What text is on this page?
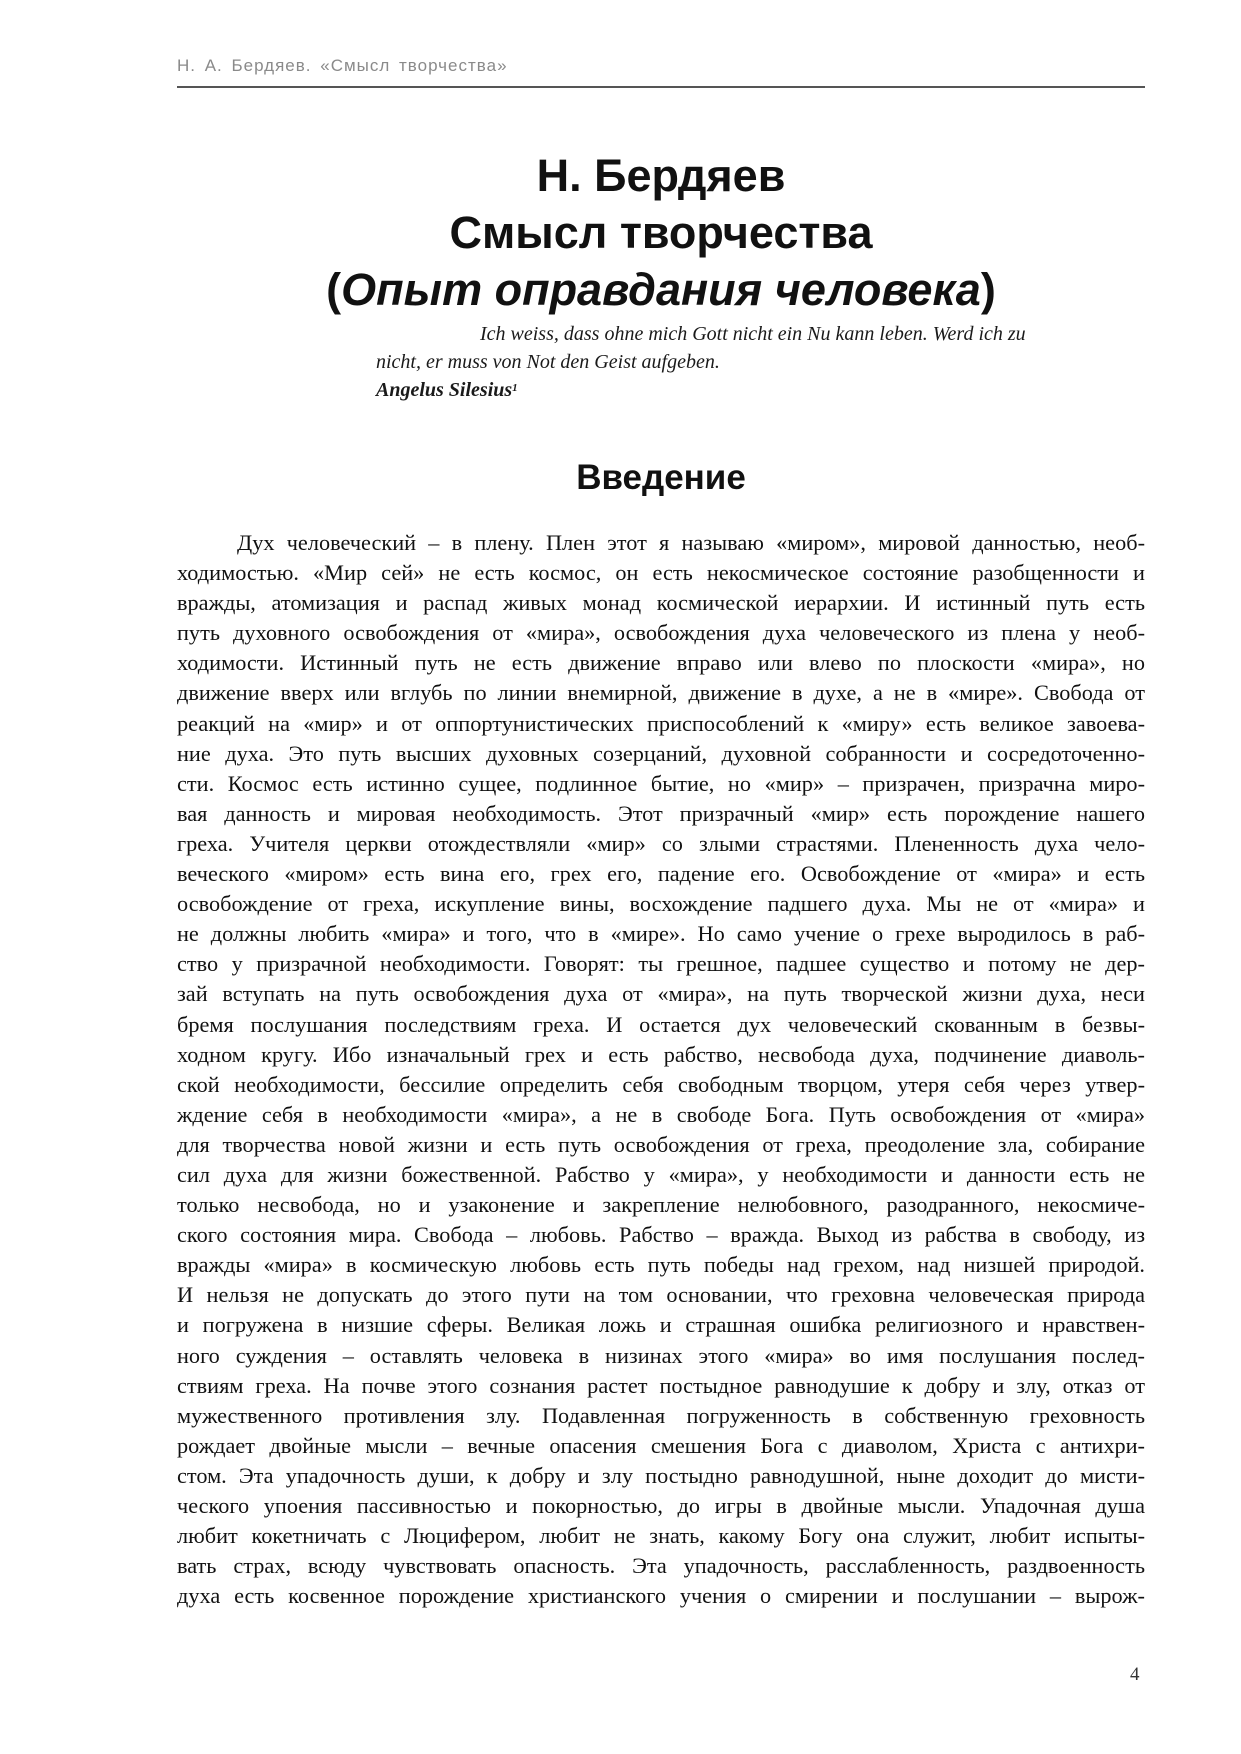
Н. А. Бердяев. «Смысл творчества»
Н. Бердяев
Смысл творчества
(Опыт оправдания человека)
Ich weiss, dass ohne mich Gott nicht ein Nu kann leben. Werd ich zu
nicht, er muss von Not den Geist aufgeben.
Angelus Silesius$^1$
Введение
Дух человеческий – в плену. Плен этот я называю «миром», мировой данностью, необ-
ходимостью. «Мир сей» не есть космос, он есть некосмическое состояние разобщенности и
вражды, атомизация и распад живых монад космической иерархии. И истинный путь есть
путь духовного освобождения от «мира», освобождения духа человеческого из плена у необ-
ходимости. Истинный путь не есть движение вправо или влево по плоскости «мира», но
движение вверх или вглубь по линии внемирной, движение в духе, а не в «мире». Свобода от
реакций на «мир» и от оппортунистических приспособлений к «миру» есть великое завоева-
ние духа. Это путь высших духовных созерцаний, духовной собранности и сосредоточенно-
сти. Космос есть истинно сущее, подлинное бытие, но «мир» – призрачен, призрачна миро-
вая данность и мировая необходимость. Этот призрачный «мир» есть порождение нашего
греха. Учителя церкви отождествляли «мир» со злыми страстями. Плененность духа чело-
веческого «миром» есть вина его, грех его, падение его. Освобождение от «мира» и есть
освобождение от греха, искупление вины, восхождение падшего духа. Мы не от «мира» и
не должны любить «мира» и того, что в «мире». Но само учение о грехе выродилось в раб-
ство у призрачной необходимости. Говорят: ты грешное, падшее существо и потому не дер-
зай вступать на путь освобождения духа от «мира», на путь творческой жизни духа, неси
бремя послушания последствиям греха. И остается дух человеческий скованным в безвы-
ходном кругу. Ибо изначальный грех и есть рабство, несвобода духа, подчинение диаволь-
ской необходимости, бессилие определить себя свободным творцом, утеря себя через утвер-
ждение себя в необходимости «мира», а не в свободе Бога. Путь освобождения от «мира»
для творчества новой жизни и есть путь освобождения от греха, преодоление зла, собирание
сил духа для жизни божественной. Рабство у «мира», у необходимости и данности есть не
только несвобода, но и узаконение и закрепление нелюбовного, разодранного, некосмиче-
ского состояния мира. Свобода – любовь. Рабство – вражда. Выход из рабства в свободу, из
вражды «мира» в космическую любовь есть путь победы над грехом, над низшей природой.
И нельзя не допускать до этого пути на том основании, что греховна человеческая природа
и погружена в низшие сферы. Великая ложь и страшная ошибка религиозного и нравствен-
ного суждения – оставлять человека в низинах этого «мира» во имя послушания послед-
ствиям греха. На почве этого сознания растет постыдное равнодушие к добру и злу, отказ от
мужественного противления злу. Подавленная погруженность в собственную греховность
рождает двойные мысли – вечные опасения смешения Бога с диаволом, Христа с антихри-
стом. Эта упадочность души, к добру и злу постыдно равнодушной, ныне доходит до мисти-
ческого упоения пассивностью и покорностью, до игры в двойные мысли. Упадочная душа
любит кокетничать с Люцифером, любит не знать, какому Богу она служит, любит испыты-
вать страх, всюду чувствовать опасность. Эта упадочность, расслабленность, раздвоенность
духа есть косвенное порождение христианского учения о смирении и послушании – вырож-
4
